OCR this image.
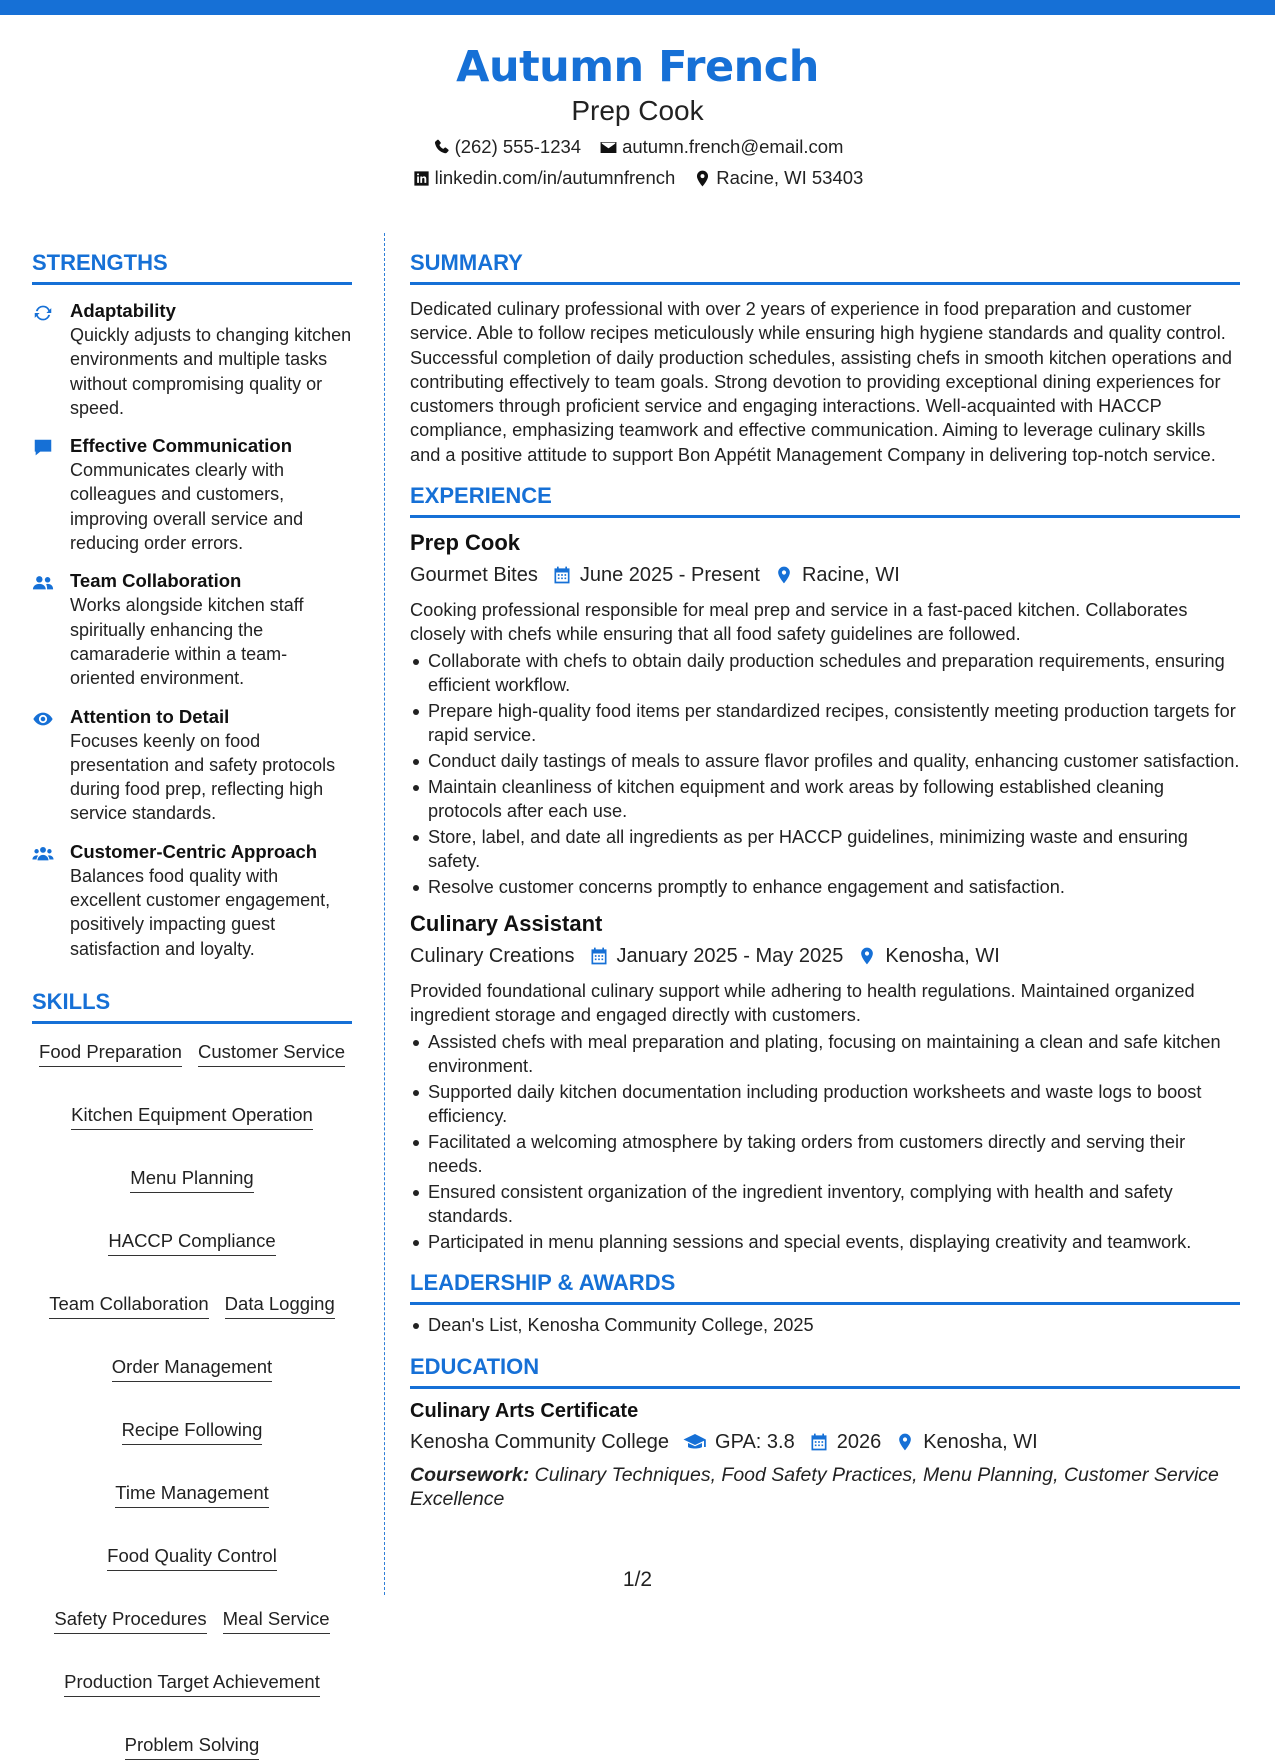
Autumn French
Prep Cook
(262) 555-1234 autumn.french@email.com
linkedin.com/in/autumnfrench Racine, WI 53403
STRENGTHS
Adaptability
Quickly adjusts to changing kitchen environments and multiple tasks without compromising quality or speed.
Effective Communication
Communicates clearly with colleagues and customers, improving overall service and reducing order errors.
Team Collaboration
Works alongside kitchen staff spiritually enhancing the camaraderie within a team-oriented environment.
Attention to Detail
Focuses keenly on food presentation and safety protocols during food prep, reflecting high service standards.
Customer-Centric Approach
Balances food quality with excellent customer engagement, positively impacting guest satisfaction and loyalty.
SKILLS
Food Preparation Customer Service
Kitchen Equipment Operation
Menu Planning
HACCP Compliance
Team Collaboration Data Logging
Order Management
Recipe Following
Time Management
Food Quality Control
Safety Procedures Meal Service
Production Target Achievement
Problem Solving
SUMMARY
Dedicated culinary professional with over 2 years of experience in food preparation and customer service. Able to follow recipes meticulously while ensuring high hygiene standards and quality control. Successful completion of daily production schedules, assisting chefs in smooth kitchen operations and contributing effectively to team goals. Strong devotion to providing exceptional dining experiences for customers through proficient service and engaging interactions. Well-acquainted with HACCP compliance, emphasizing teamwork and effective communication. Aiming to leverage culinary skills and a positive attitude to support Bon Appétit Management Company in delivering top-notch service.
EXPERIENCE
Prep Cook
Gourmet Bites June 2025 - Present Racine, WI
Cooking professional responsible for meal prep and service in a fast-paced kitchen. Collaborates closely with chefs while ensuring that all food safety guidelines are followed.
Collaborate with chefs to obtain daily production schedules and preparation requirements, ensuring efficient workflow.
Prepare high-quality food items per standardized recipes, consistently meeting production targets for rapid service.
Conduct daily tastings of meals to assure flavor profiles and quality, enhancing customer satisfaction.
Maintain cleanliness of kitchen equipment and work areas by following established cleaning protocols after each use.
Store, label, and date all ingredients as per HACCP guidelines, minimizing waste and ensuring safety.
Resolve customer concerns promptly to enhance engagement and satisfaction.
Culinary Assistant
Culinary Creations January 2025 - May 2025 Kenosha, WI
Provided foundational culinary support while adhering to health regulations. Maintained organized ingredient storage and engaged directly with customers.
Assisted chefs with meal preparation and plating, focusing on maintaining a clean and safe kitchen environment.
Supported daily kitchen documentation including production worksheets and waste logs to boost efficiency.
Facilitated a welcoming atmosphere by taking orders from customers directly and serving their needs.
Ensured consistent organization of the ingredient inventory, complying with health and safety standards.
Participated in menu planning sessions and special events, displaying creativity and teamwork.
LEADERSHIP & AWARDS
Dean's List, Kenosha Community College, 2025
EDUCATION
Culinary Arts Certificate
Kenosha Community College GPA: 3.8 2026 Kenosha, WI
Coursework: Culinary Techniques, Food Safety Practices, Menu Planning, Customer Service Excellence
1/2
